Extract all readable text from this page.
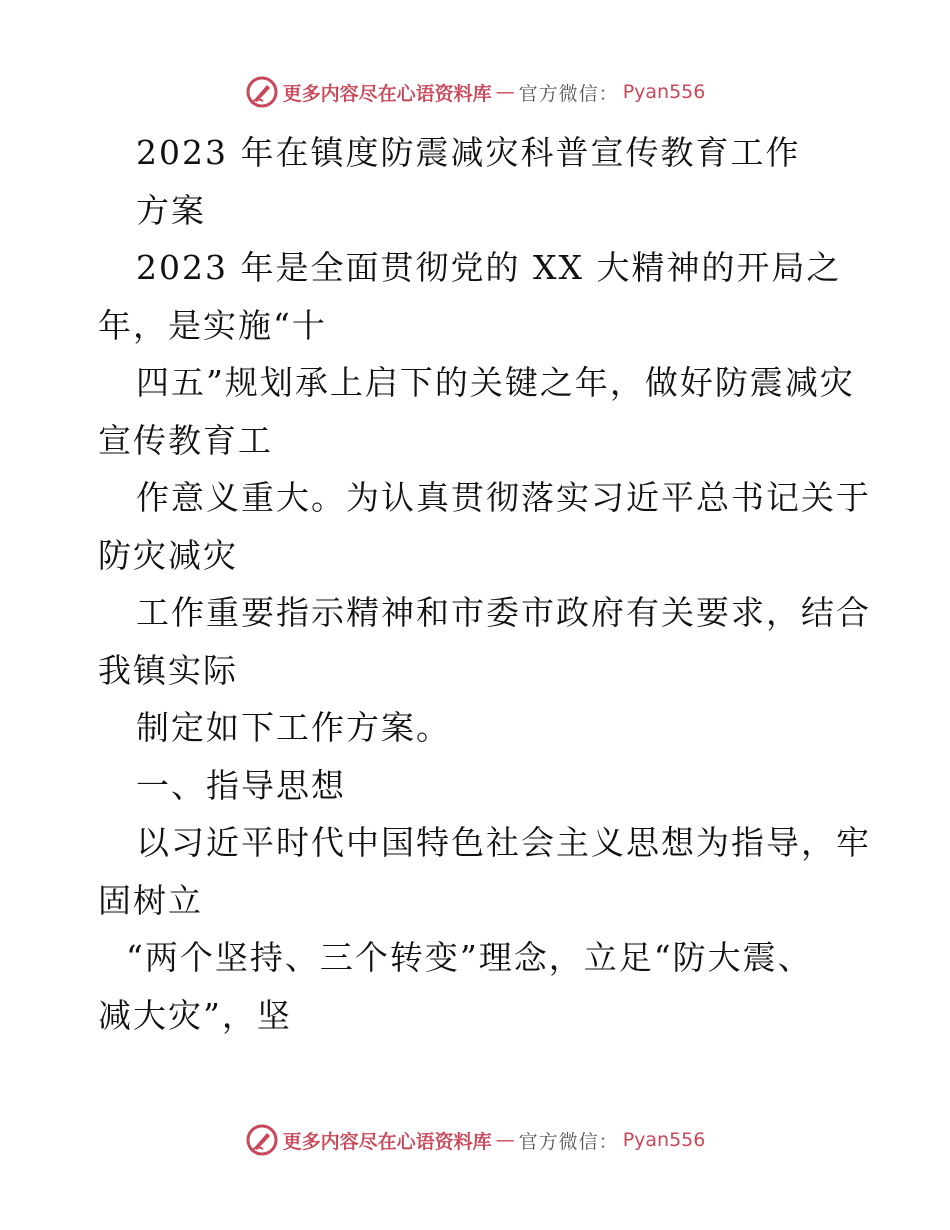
更多内容尽在心语资料库 — 官方微信： Pyan556
2023 年在镇度防震减灾科普宣传教育工作
方案
2023 年是全面贯彻党的 XX 大精神的开局之
年，是实施“十
四五”规划承上启下的关键之年，做好防震减灾
宣传教育工
作意义重大。为认真贯彻落实习近平总书记关于
防灾减灾
工作重要指示精神和市委市政府有关要求，结合
我镇实际
制定如下工作方案。
一、指导思想
以习近平时代中国特色社会主义思想为指导，牢
固树立
“两个坚持、三个转变”理念，立足“防大震、
减大灾”，坚
更多内容尽在心语资料库 — 官方微信： Pyan556
